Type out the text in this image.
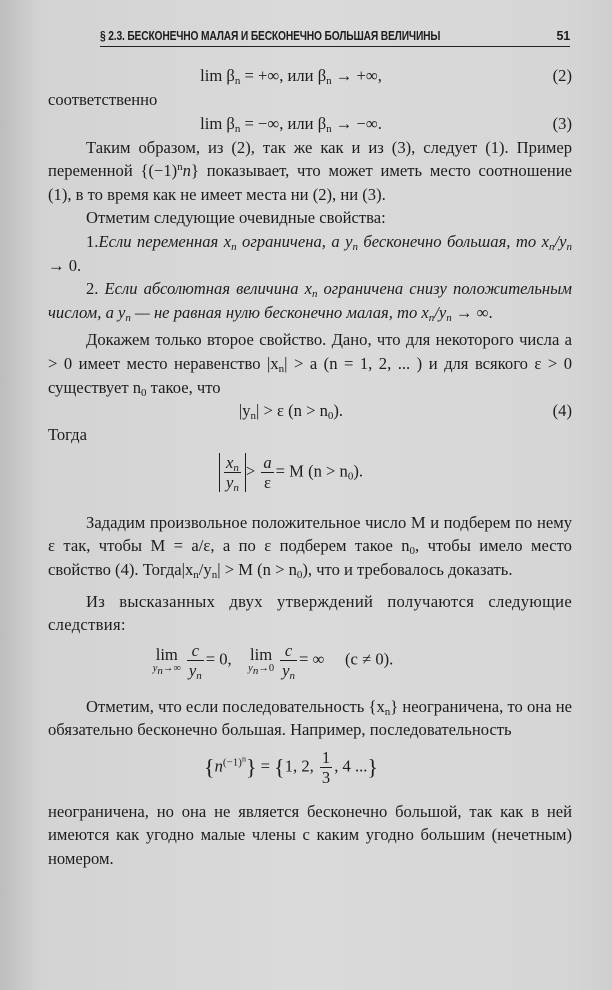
§ 2.3. БЕСКОНЕЧНО МАЛАЯ И БЕСКОНЕЧНО БОЛЬШАЯ ВЕЛИЧИНЫ	51
$\lim \beta_n$ = +∞, или $\beta_n$ → +∞,	(2)

соответственно

$\lim \beta_n$ = −∞, или $\beta_n$ → −∞.	(3)

Таким образом, из (2), так же как и из (3), следует (1). Пример переменной $\{(-1)^nn\}$ показывает, что может иметь место соотношение (1), в то время как не имеет места ни (2), ни (3).

Отметим следующие очевидные свойства:

1.Если переменная $x_n$ ограничена, а $y_n$ бесконечно большая, то $x_n/y_n \to 0$.

2. Если абсолютная величина $x_n$ ограничена снизу положительным числом, а $y_n$ — не равная нулю бесконечно малая, то $x_n/y_n$ → ∞.

Докажем только второе свойство. Дано, что для некоторого числа a > 0 имеет место неравенство $|x_n| > a$ (n = 1, 2, ... ) и для всякого ε > 0 существует $n_0$ такое, что

$|y_n| > \varepsilon$ $(n > n_0)$.	(4)

Тогда

$\frac{x_n}{y_n} > \frac{a}{\varepsilon} = M$ $(n > n_0)$.

Зададим произвольное положительное число M и подберем по нему ε так, чтобы M = a/ε, а по ε подберем такое $n_0$, чтобы имело место свойство (4). $Тогда|x_n/y_n| > M$ $(n > n_0)$, что и требовалось доказать.

Из высказанных двух утверждений получаются следующие следствия:

lim
$y_n\to\infty \frac{c}{y_n} = 0$, lim
$y_n\to 0 \frac{c}{y_n}$ = ∞ (c ≠ 0).

Отметим, что если последовательность $\{x_n\}$ неограничена, то она не обязательно бесконечно большая. Например, последовательность

$\{n^{(-1)n}\} = \{1$, 2, $\frac{1}{3}$ , 4 ...}

неограничена, но она не является бесконечно большой, так как в ней имеются как угодно малые члены с каким угодно большим (нечетным) номером.
